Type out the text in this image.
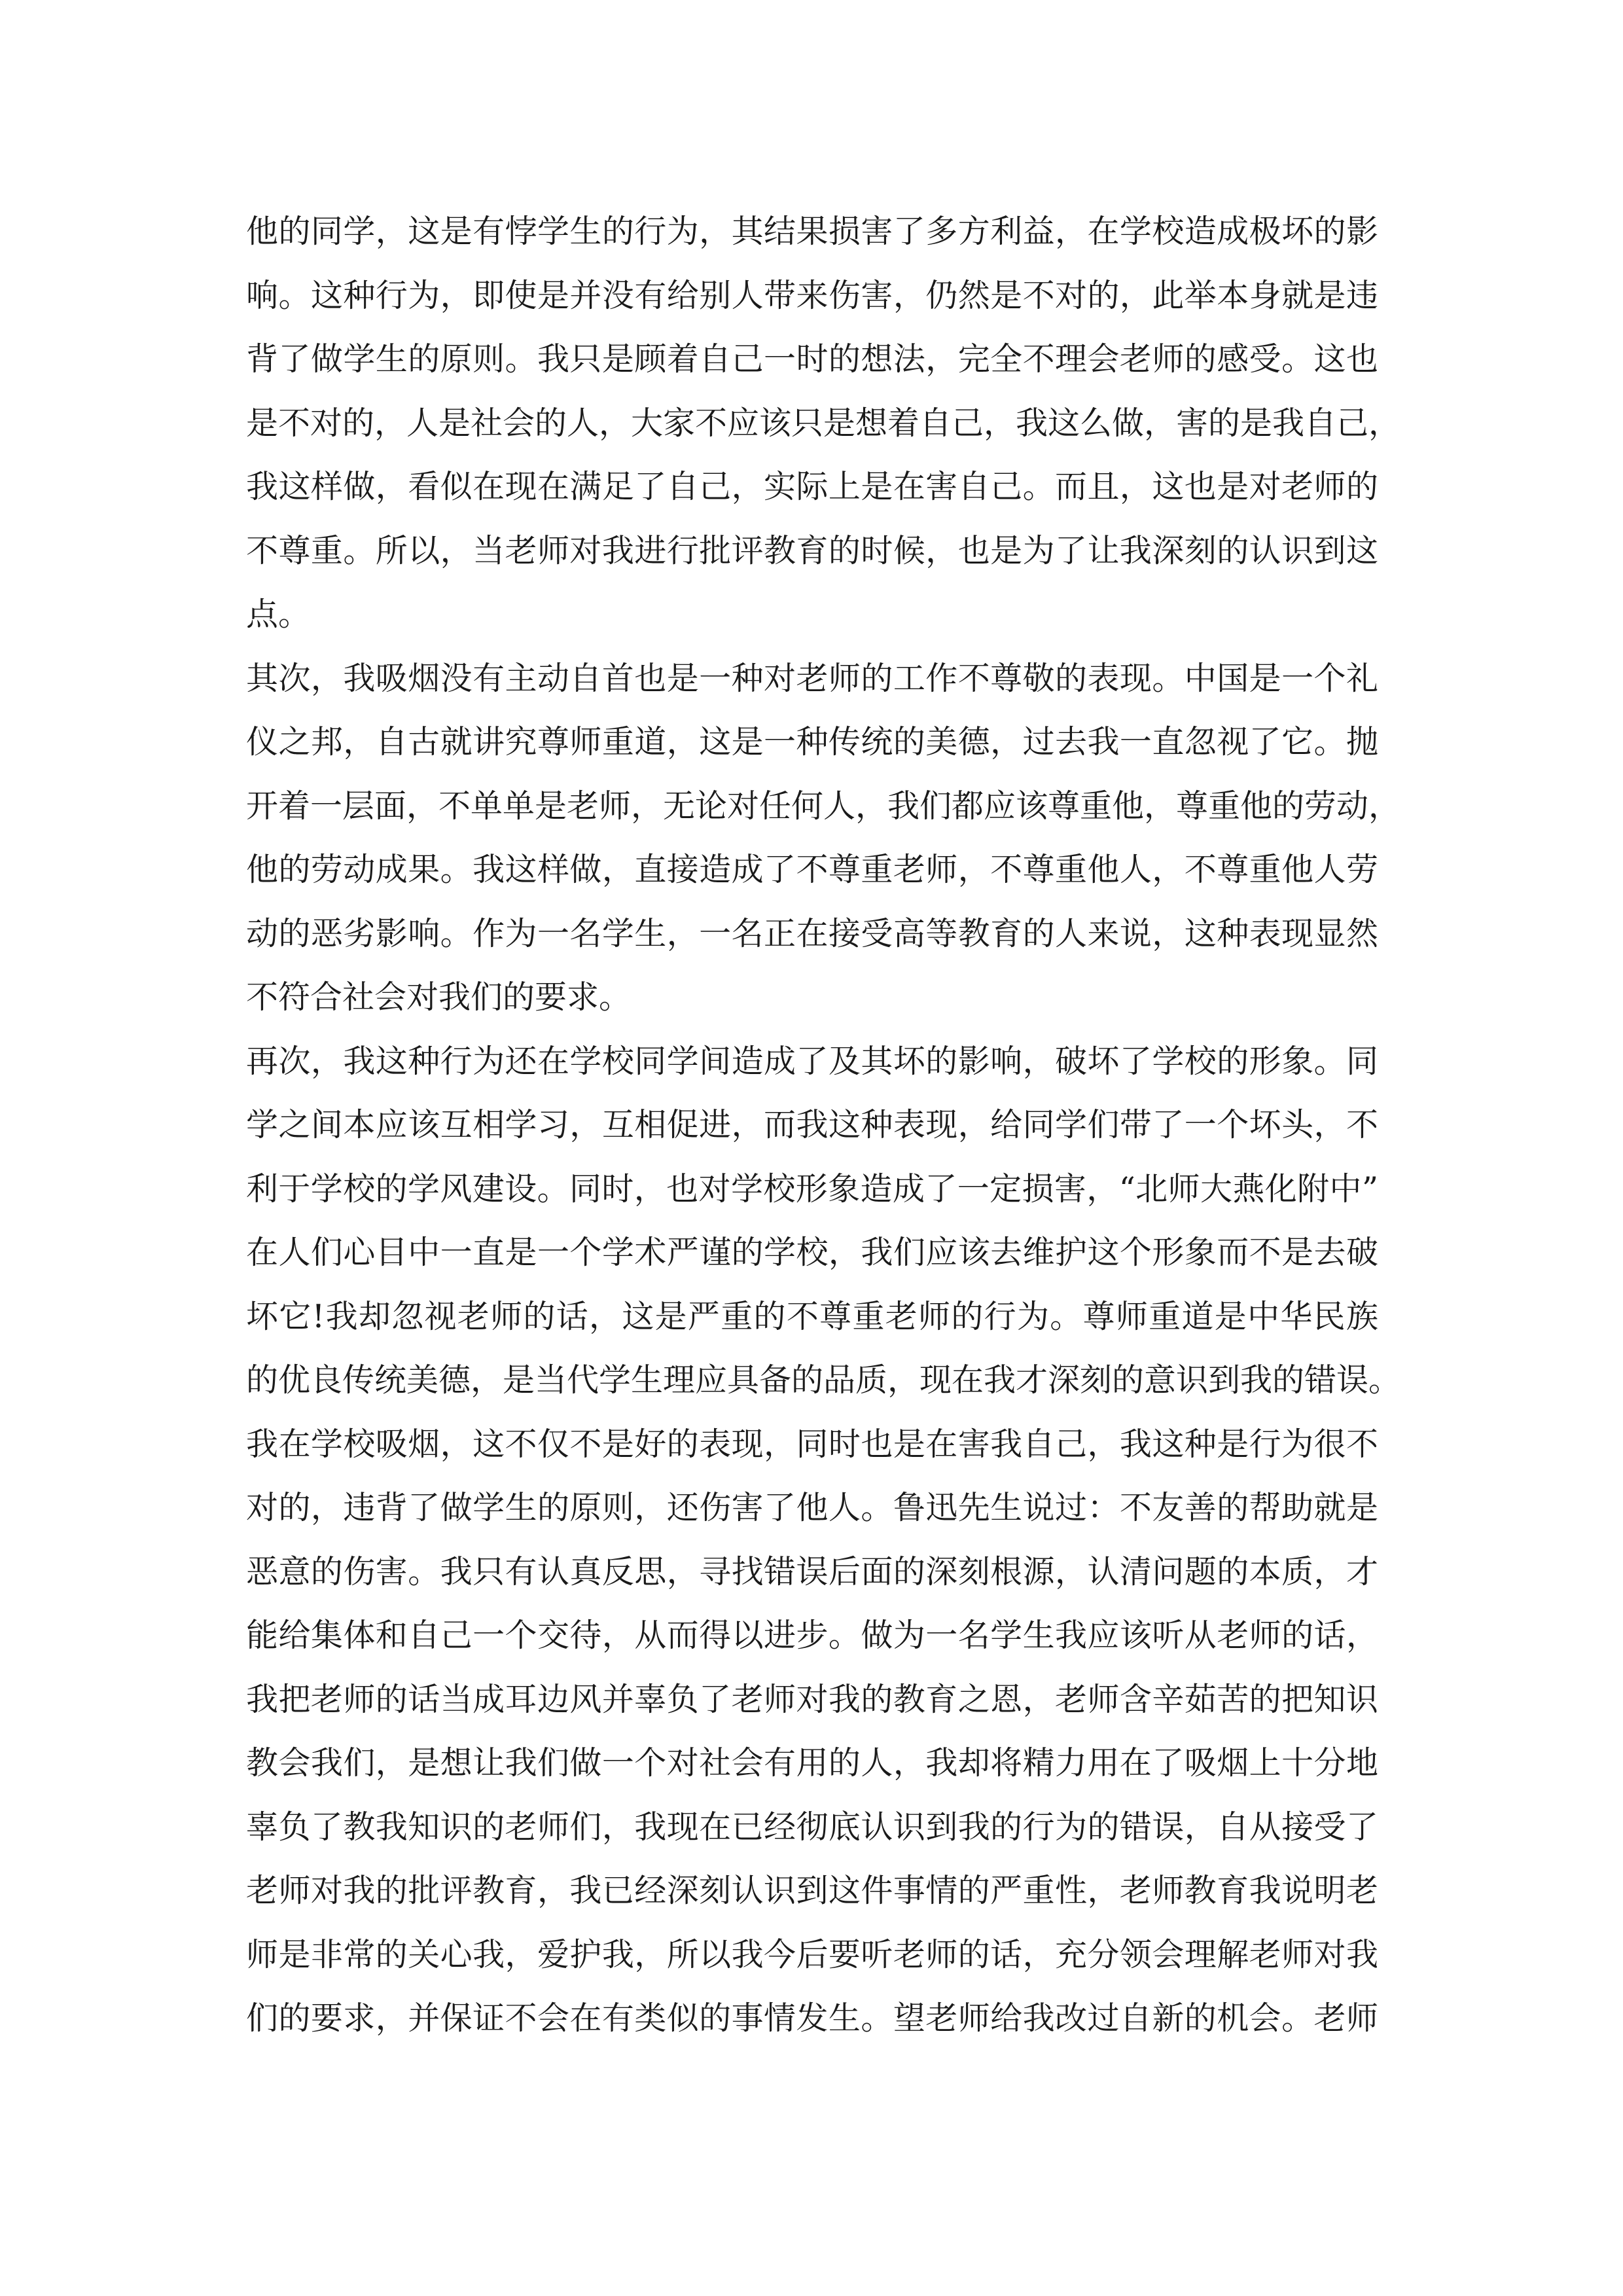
他的同学，这是有悖学生的行为，其结果损害了多方利益，在学校造成极坏的影
响。这种行为，即使是并没有给别人带来伤害，仍然是不对的，此举本身就是违
背了做学生的原则。我只是顾着自己一时的想法，完全不理会老师的感受。这也
是不对的，人是社会的人，大家不应该只是想着自己，我这么做，害的是我自己，
我这样做，看似在现在满足了自己，实际上是在害自己。而且，这也是对老师的
不尊重。所以，当老师对我进行批评教育的时候，也是为了让我深刻的认识到这
点。
其次，我吸烟没有主动自首也是一种对老师的工作不尊敬的表现。中国是一个礼
仪之邦，自古就讲究尊师重道，这是一种传统的美德，过去我一直忽视了它。抛
开着一层面，不单单是老师，无论对任何人，我们都应该尊重他，尊重他的劳动，
他的劳动成果。我这样做，直接造成了不尊重老师，不尊重他人，不尊重他人劳
动的恶劣影响。作为一名学生，一名正在接受高等教育的人来说，这种表现显然
不符合社会对我们的要求。
再次，我这种行为还在学校同学间造成了及其坏的影响，破坏了学校的形象。同
学之间本应该互相学习，互相促进，而我这种表现，给同学们带了一个坏头，不
利于学校的学风建设。同时，也对学校形象造成了一定损害，“北师大燕化附中”
在人们心目中一直是一个学术严谨的学校，我们应该去维护这个形象而不是去破
坏它!我却忽视老师的话，这是严重的不尊重老师的行为。尊师重道是中华民族
的优良传统美德，是当代学生理应具备的品质，现在我才深刻的意识到我的错误。
我在学校吸烟，这不仅不是好的表现，同时也是在害我自己，我这种是行为很不
对的，违背了做学生的原则，还伤害了他人。鲁迅先生说过：不友善的帮助就是
恶意的伤害。我只有认真反思，寻找错误后面的深刻根源，认清问题的本质，才
能给集体和自己一个交待，从而得以进步。做为一名学生我应该听从老师的话，
我把老师的话当成耳边风并辜负了老师对我的教育之恩，老师含辛茹苦的把知识
教会我们，是想让我们做一个对社会有用的人，我却将精力用在了吸烟上十分地
辜负了教我知识的老师们，我现在已经彻底认识到我的行为的错误，自从接受了
老师对我的批评教育，我已经深刻认识到这件事情的严重性，老师教育我说明老
师是非常的关心我，爱护我，所以我今后要听老师的话，充分领会理解老师对我
们的要求，并保证不会在有类似的事情发生。望老师给我改过自新的机会。老师
